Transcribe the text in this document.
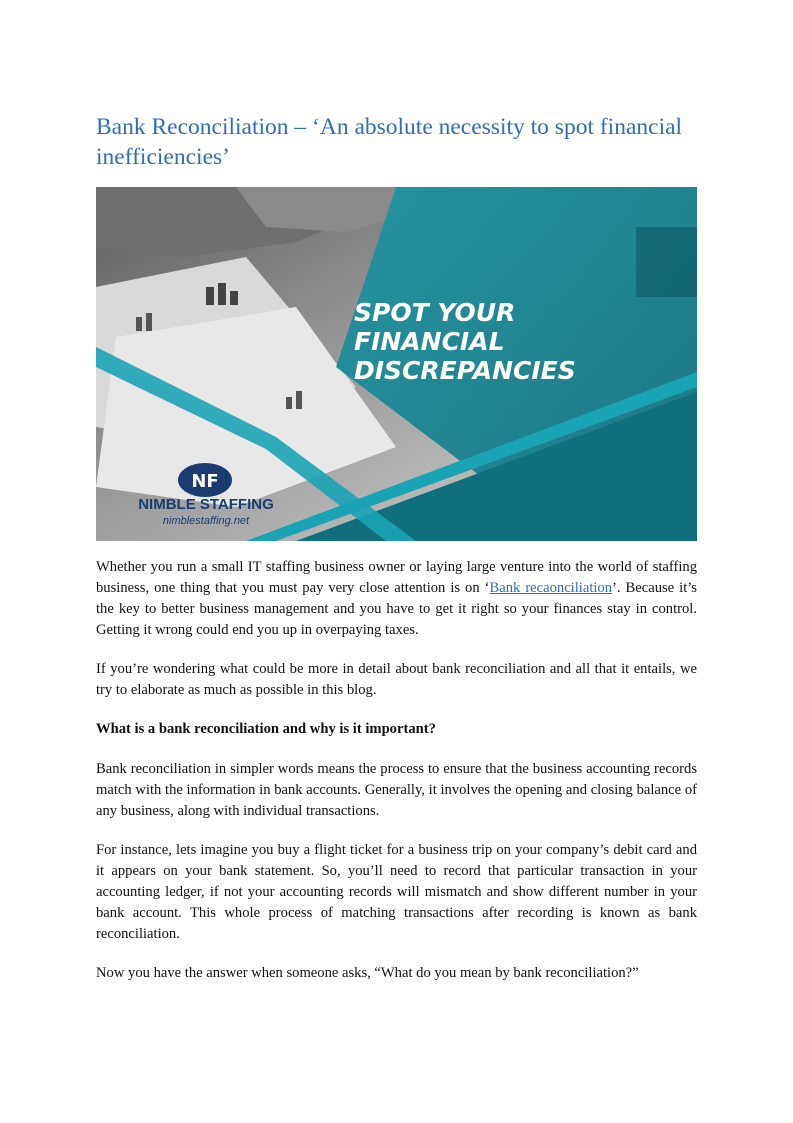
Bank Reconciliation – ‘An absolute necessity to spot financial inefficiencies’
SPOT YOUR
FINANCIAL
DISCREPANCIES
NF
NIMBLE STAFFING
nimblestaffing.net

Whether you run a small IT staffing business owner or laying large venture into the world of staffing business, one thing that you must pay very close attention is on ‘Bank recaonciliation’. Because it’s the key to better business management and you have to get it right so your finances stay in control. Getting it wrong could end you up in overpaying taxes.

If you’re wondering what could be more in detail about bank reconciliation and all that it entails, we try to elaborate as much as possible in this blog.

What is a bank reconciliation and why is it important?

Bank reconciliation in simpler words means the process to ensure that the business accounting records match with the information in bank accounts. Generally, it involves the opening and closing balance of any business, along with individual transactions.

For instance, lets imagine you buy a flight ticket for a business trip on your company’s debit card and it appears on your bank statement. So, you’ll need to record that particular transaction in your accounting ledger, if not your accounting records will mismatch and show different number in your bank account. This whole process of matching transactions after recording is known as bank reconciliation.

Now you have the answer when someone asks, “What do you mean by bank reconciliation?”
